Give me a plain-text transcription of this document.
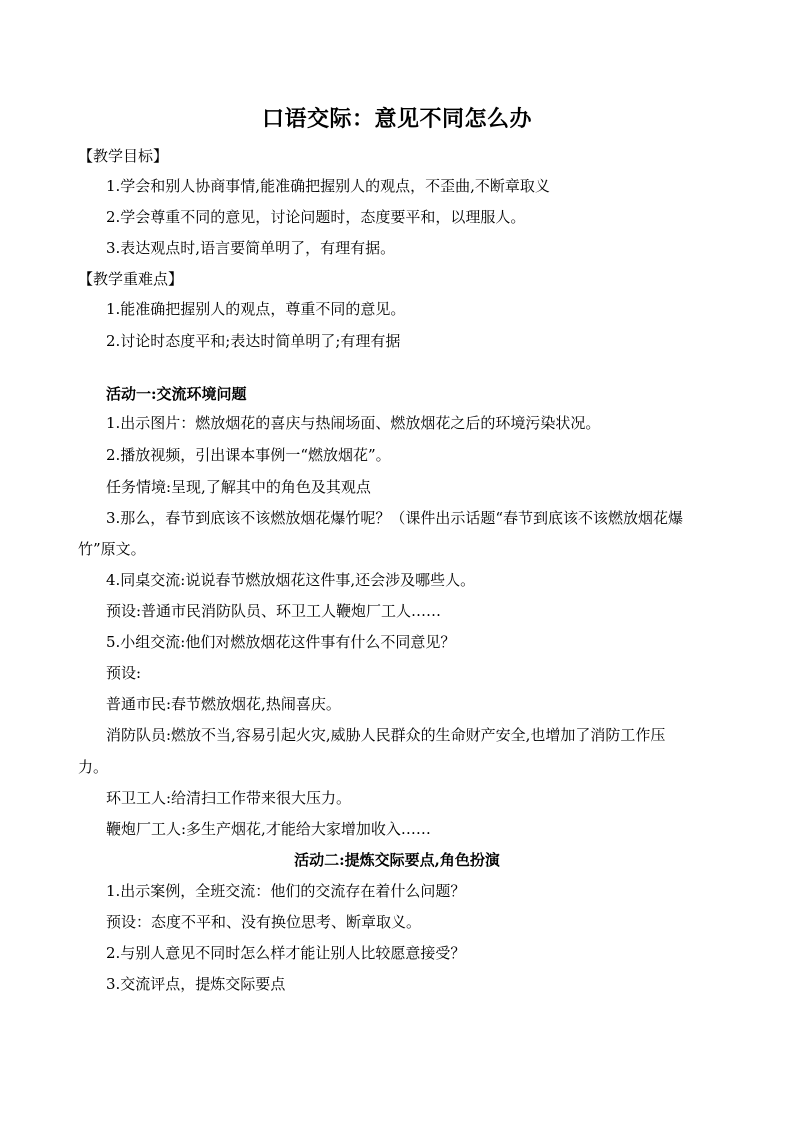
口语交际：意见不同怎么办
【教学目标】
1.学会和别人协商事情,能准确把握别人的观点，不歪曲,不断章取义
2.学会尊重不同的意见，讨论问题时，态度要平和，以理服人。
3.表达观点时,语言要简单明了，有理有据。
【教学重难点】
1.能准确把握别人的观点，尊重不同的意见。
2.讨论时态度平和;表达时简单明了;有理有据
活动一:交流环境问题
1.出示图片：燃放烟花的喜庆与热闹场面、燃放烟花之后的环境污染状况。
2.播放视频，引出课本事例一“燃放烟花”。
任务情境:呈现,了解其中的角色及其观点
3.那么，春节到底该不该燃放烟花爆竹呢？（课件出示话题“春节到底该不该燃放烟花爆
竹”原文。
4.同桌交流:说说春节燃放烟花这件事,还会涉及哪些人。
预设:普通市民消防队员、环卫工人鞭炮厂工人……
5.小组交流:他们对燃放烟花这件事有什么不同意见？
预设:
普通市民:春节燃放烟花,热闹喜庆。
消防队员:燃放不当,容易引起火灾,威胁人民群众的生命财产安全,也增加了消防工作压
力。
环卫工人:给清扫工作带来很大压力。
鞭炮厂工人:多生产烟花,才能给大家增加收入……
活动二:提炼交际要点,角色扮演
1.出示案例，全班交流：他们的交流存在着什么问题？
预设：态度不平和、没有换位思考、断章取义。
2.与别人意见不同时怎么样才能让别人比较愿意接受？
3.交流评点，提炼交际要点
